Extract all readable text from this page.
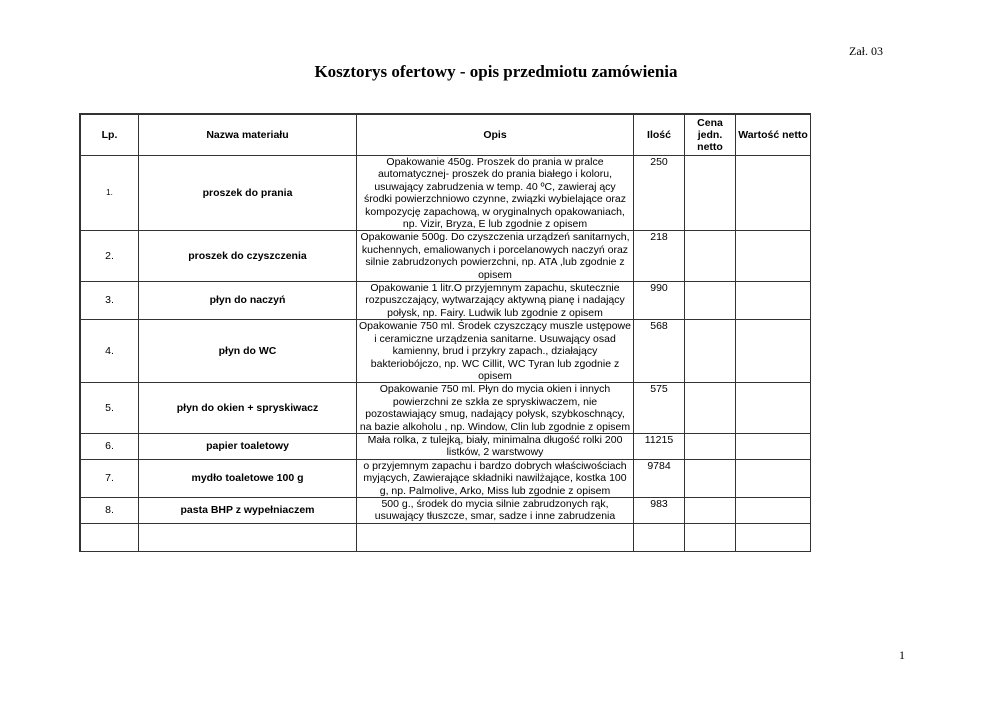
Zał. 03
Kosztorys ofertowy - opis przedmiotu zamówienia
Lp.	Nazwa materiału	Opis	Ilość	Cena jedn. netto	Wartość netto
1.	proszek do prania	Opakowanie 450g. Proszek do prania w pralce automatycznej- proszek do prania białego i koloru, usuwający zabrudzenia w temp. 40 ºC, zawieraj ący środki powierzchniowo czynne, związki wybielające oraz kompozycję zapachową, w oryginalnych opakowaniach, np. Vizir, Bryza, E lub zgodnie z opisem	250		
2.	proszek do czyszczenia	Opakowanie 500g. Do czyszczenia urządzeń sanitarnych, kuchennych, emaliowanych i porcelanowych naczyń oraz silnie zabrudzonych powierzchni, np. ATA ,lub zgodnie z opisem	218		
3.	płyn do naczyń	Opakowanie 1 litr.O przyjemnym zapachu, skutecznie rozpuszczający, wytwarzający aktywną pianę i nadający połysk, np. Fairy. Ludwik lub zgodnie z opisem	990		
4.	płyn do WC	Opakowanie 750 ml. Środek czyszczący muszle ustępowe i ceramiczne urządzenia sanitarne. Usuwający osad kamienny, brud i przykry zapach., działający bakteriobójczo, np. WC Cillit, WC Tyran lub zgodnie z opisem	568		
5.	płyn do okien + spryskiwacz	Opakowanie 750 ml. Płyn do mycia okien i innych powierzchni ze szkła ze spryskiwaczem, nie pozostawiający smug, nadający połysk, szybkoschnący, na bazie alkoholu , np. Window, Clin lub zgodnie z opisem	575		
6.	papier toaletowy	Mała rolka, z tulejką, biały, minimalna długość rolki 200 listków, 2 warstwowy	11215		
7.	mydło toaletowe 100 g	o przyjemnym zapachu i bardzo dobrych właściwościach myjących, Zawierające składniki nawilżające, kostka 100 g, np. Palmolive, Arko, Miss lub zgodnie z opisem	9784		
8.	pasta BHP z wypełniaczem	500 g., środek do mycia silnie zabrudzonych rąk, usuwający tłuszcze, smar, sadze i inne zabrudzenia	983		

1
